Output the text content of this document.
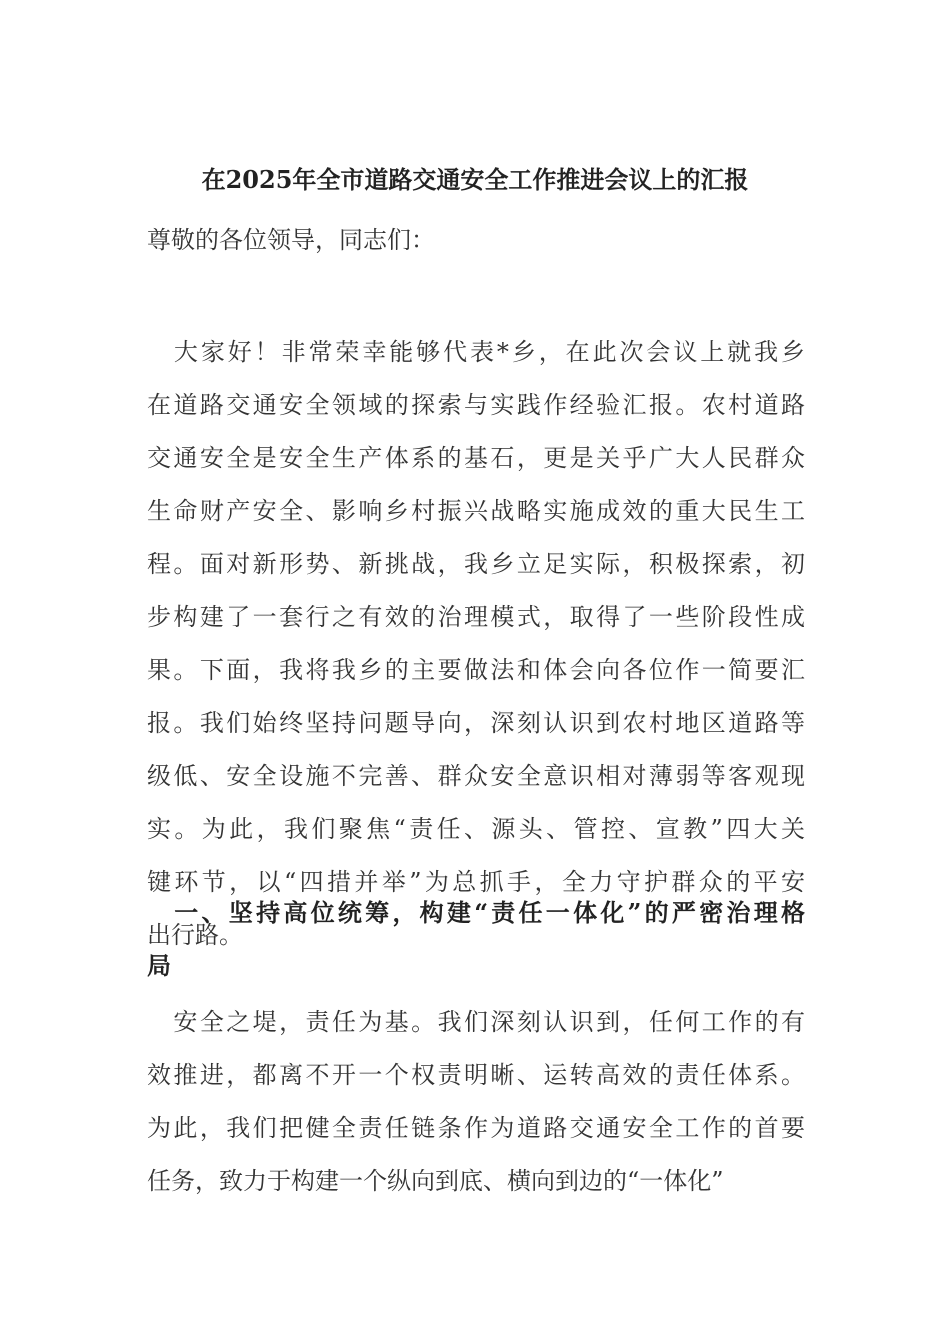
在2025年全市道路交通安全工作推进会议上的汇报
尊敬的各位领导，同志们：
　大家好！非常荣幸能够代表*乡，在此次会议上就我乡
在道路交通安全领域的探索与实践作经验汇报。农村道路
交通安全是安全生产体系的基石，更是关乎广大人民群众
生命财产安全、影响乡村振兴战略实施成效的重大民生工
程。面对新形势、新挑战，我乡立足实际，积极探索，初
步构建了一套行之有效的治理模式，取得了一些阶段性成
果。下面，我将我乡的主要做法和体会向各位作一简要汇
报。我们始终坚持问题导向，深刻认识到农村地区道路等
级低、安全设施不完善、群众安全意识相对薄弱等客观现
实。为此，我们聚焦“责任、源头、管控、宣教”四大关
键环节，以“四措并举”为总抓手，全力守护群众的平安
出行路。
　一、坚持高位统筹，构建“责任一体化”的严密治理格
局
　安全之堤，责任为基。我们深刻认识到，任何工作的有
效推进，都离不开一个权责明晰、运转高效的责任体系。
为此，我们把健全责任链条作为道路交通安全工作的首要
任务，致力于构建一个纵向到底、横向到边的“一体化”
